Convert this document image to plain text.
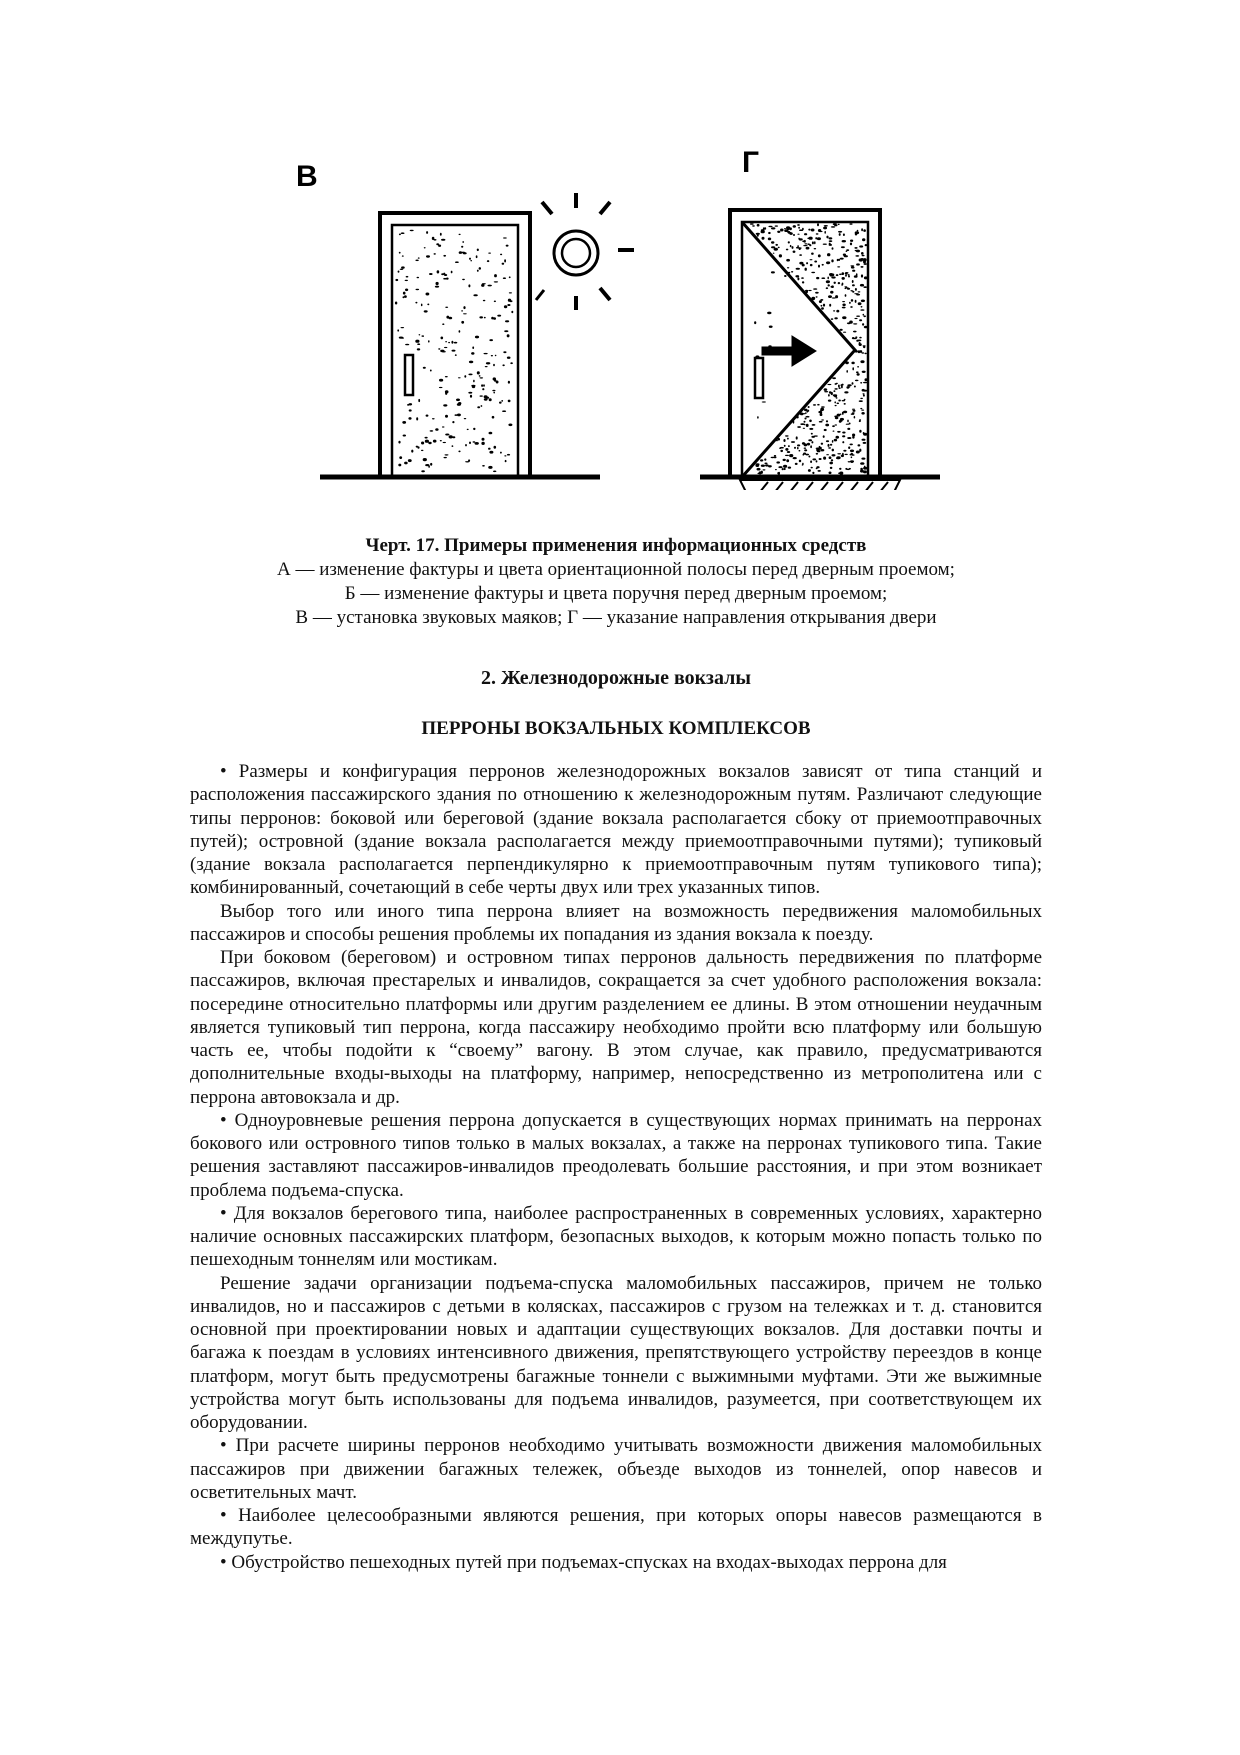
В	Г
Черт. 17. Примеры применения информационных средств
А — изменение фактуры и цвета ориентационной полосы перед дверным проемом;
Б — изменение фактуры и цвета поручня перед дверным проемом;
В — установка звуковых маяков; Г — указание направления открывания двери
2. Железнодорожные вокзалы
ПЕРРОНЫ ВОКЗАЛЬНЫХ КОМПЛЕКСОВ

• Размеры и конфигурация перронов железнодорожных вокзалов зависят от типа станций и расположения пассажирского здания по отношению к железнодорожным путям. Различают следующие типы перронов: боковой или береговой (здание вокзала располагается сбоку от приемоотправочных путей); островной (здание вокзала располагается между приемоотправочными путями); тупиковый (здание вокзала располагается перпендикулярно к приемоотправочным путям тупикового типа); комбинированный, сочетающий в себе черты двух или трех указанных типов.

Выбор того или иного типа перрона влияет на возможность передвижения маломобильных пассажиров и способы решения проблемы их попадания из здания вокзала к поезду.

При боковом (береговом) и островном типах перронов дальность передвижения по платформе пассажиров, включая престарелых и инвалидов, сокращается за счет удобного расположения вокзала: посередине относительно платформы или другим разделением ее длины. В этом отношении неудачным является тупиковый тип перрона, когда пассажиру необходимо пройти всю платформу или большую часть ее, чтобы подойти к “своему” вагону. В этом случае, как правило, предусматриваются дополнительные входы-выходы на платформу, например, непосредственно из метрополитена или с перрона автовокзала и др.

• Одноуровневые решения перрона допускается в существующих нормах принимать на перронах бокового или островного типов только в малых вокзалах, а также на перронах тупикового типа. Такие решения заставляют пассажиров-инвалидов преодолевать большие расстояния, и при этом возникает проблема подъема-спуска.

• Для вокзалов берегового типа, наиболее распространенных в современных условиях, характерно наличие основных пассажирских платформ, безопасных выходов, к которым можно попасть только по пешеходным тоннелям или мостикам.

Решение задачи организации подъема-спуска маломобильных пассажиров, причем не только инвалидов, но и пассажиров с детьми в колясках, пассажиров с грузом на тележках и т. д. становится основной при проектировании новых и адаптации существующих вокзалов. Для доставки почты и багажа к поездам в условиях интенсивного движения, препятствующего устройству переездов в конце платформ, могут быть предусмотрены багажные тоннели с выжимными муфтами. Эти же выжимные устройства могут быть использованы для подъема инвалидов, разумеется, при соответствующем их оборудовании.

• При расчете ширины перронов необходимо учитывать возможности движения маломобильных пассажиров при движении багажных тележек, объезде выходов из тоннелей, опор навесов и осветительных мачт.

• Наиболее целесообразными являются решения, при которых опоры навесов размещаются в междупутье.

• Обустройство пешеходных путей при подъемах-спусках на входах-выходах перрона для
